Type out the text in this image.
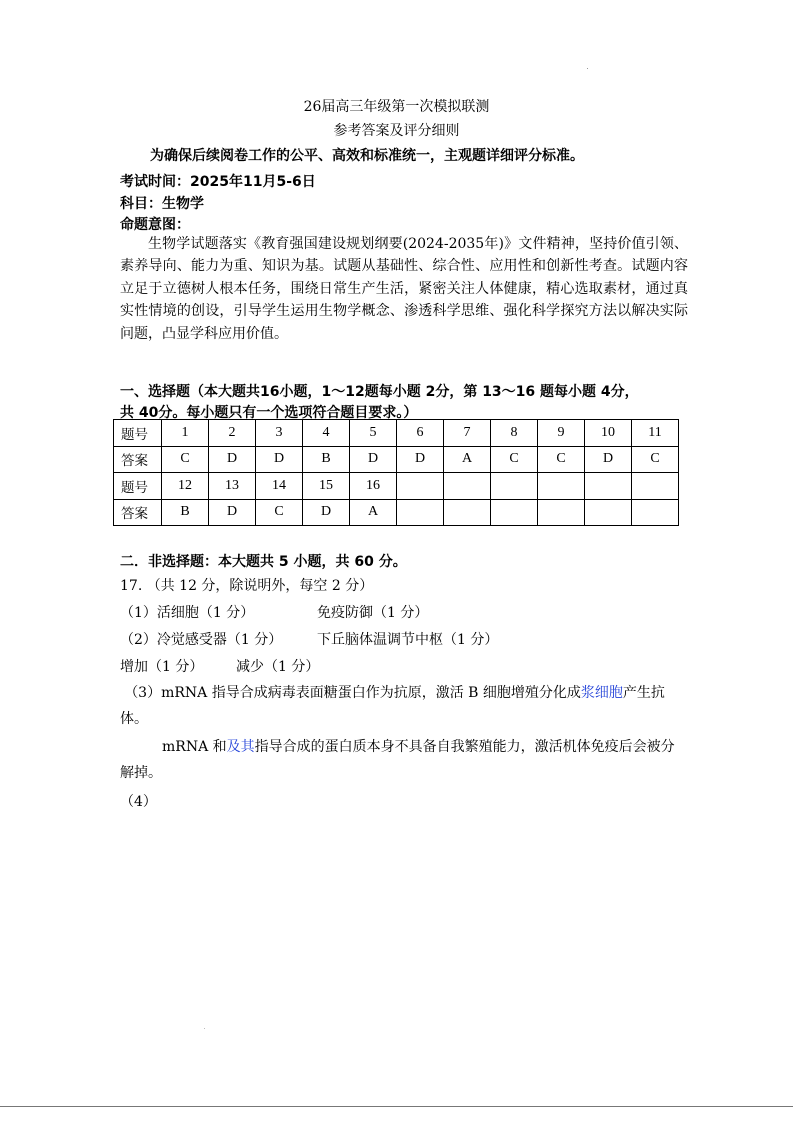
26届高三年级第一次模拟联测
参考答案及评分细则
为确保后续阅卷工作的公平、高效和标准统一，主观题详细评分标准。
考试时间：2025年11月5-6日
科目：生物学
命题意图：
生物学试题落实《教育强国建设规划纲要(2024-2035年)》文件精神，坚持价值引领、素养导向、能力为重、知识为基。试题从基础性、综合性、应用性和创新性考查。试题内容立足于立德树人根本任务，围绕日常生产生活，紧密关注人体健康，精心选取素材，通过真实性情境的创设，引导学生运用生物学概念、渗透科学思维、强化科学探究方法以解决实际问题，凸显学科应用价值。
一、选择题（本大题共16小题，1～12题每小题 2分，第 13～16 题每小题 4分，
共 40分。每小题只有一个选项符合题目要求。）
题号	1	2	3	4	5	6	7	8	9	10	11
答案	C	D	D	B	D	D	A	C	C	D	C
题号	12	13	14	15	16						
答案	B	D	C	D	A						
二．非选择题：本大题共 5 小题，共 60 分。
17. （共 12 分，除说明外，每空 2 分）
（1）活细胞（1 分）	免疫防御（1 分）
（2）冷觉感受器（1 分） 下丘脑体温调节中枢（1 分）
增加（1 分） 减少（1 分）
（3）mRNA 指导合成病毒表面糖蛋白作为抗原，激活 B 细胞增殖分化成浆细胞产生抗体。
mRNA 和及其指导合成的蛋白质本身不具备自我繁殖能力，激活机体免疫后会被分解掉。
（4）
